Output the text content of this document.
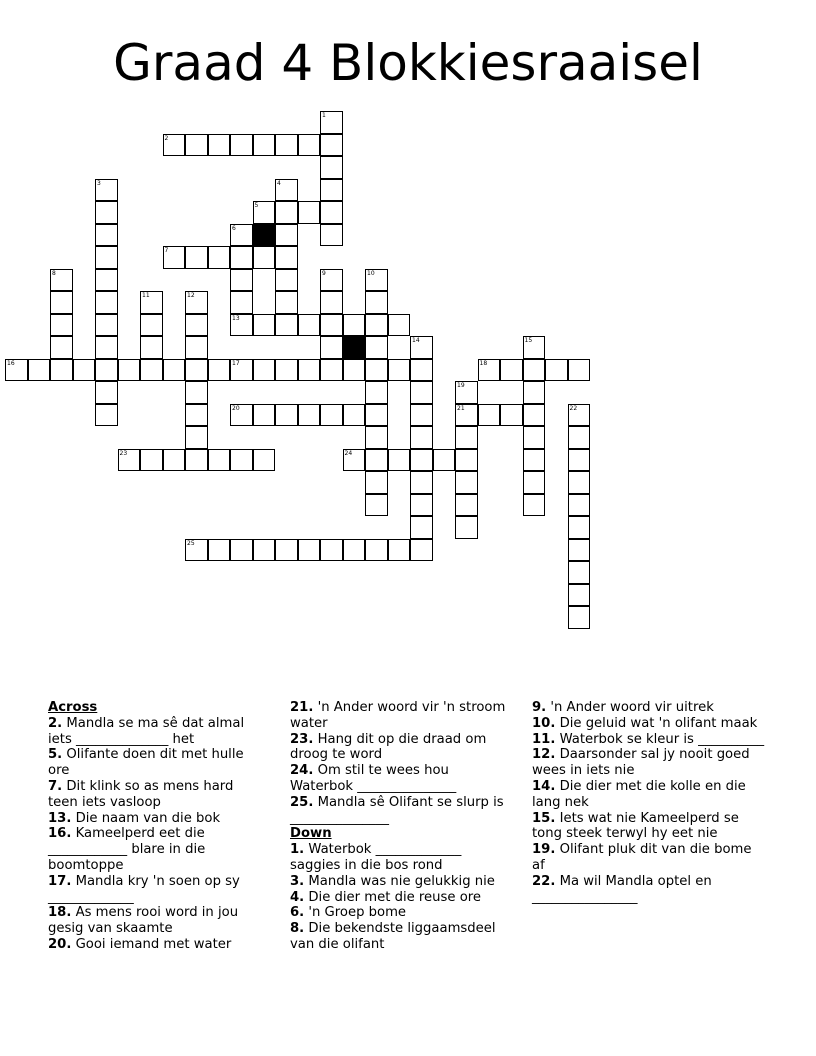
Graad 4 Blokkiesraaisel
1
2
3	4
5
6
7
8	9	10
11	12
13
14	15
16	17	18
19
21
20	22
23	24
25
Across
2. Mandla se ma sê dat almal iets ______________ het
5. Olifante doen dit met hulle ore
7. Dit klink so as mens hard teen iets vasloop
13. Die naam van die bok
16. Kameelperd eet die ____________ blare in die boomtoppe
17. Mandla kry 'n soen op sy _____________
18. As mens rooi word in jou gesig van skaamte
20. Gooi iemand met water
21. 'n Ander woord vir 'n stroom water
23. Hang dit op die draad om droog te word
24. Om stil te wees hou Waterbok _______________
25. Mandla sê Olifant se slurp is _______________
Down
1. Waterbok _____________ saggies in die bos rond
3. Mandla was nie gelukkig nie
4. Die dier met die reuse ore
6. 'n Groep bome
8. Die bekendste liggaamsdeel van die olifant
9. 'n Ander woord vir uitrek
10. Die geluid wat 'n olifant maak
11. Waterbok se kleur is __________
12. Daarsonder sal jy nooit goed wees in iets nie
14. Die dier met die kolle en die lang nek
15. Iets wat nie Kameelperd se tong steek terwyl hy eet nie
19. Olifant pluk dit van die bome af
22. Ma wil Mandla optel en ________________
